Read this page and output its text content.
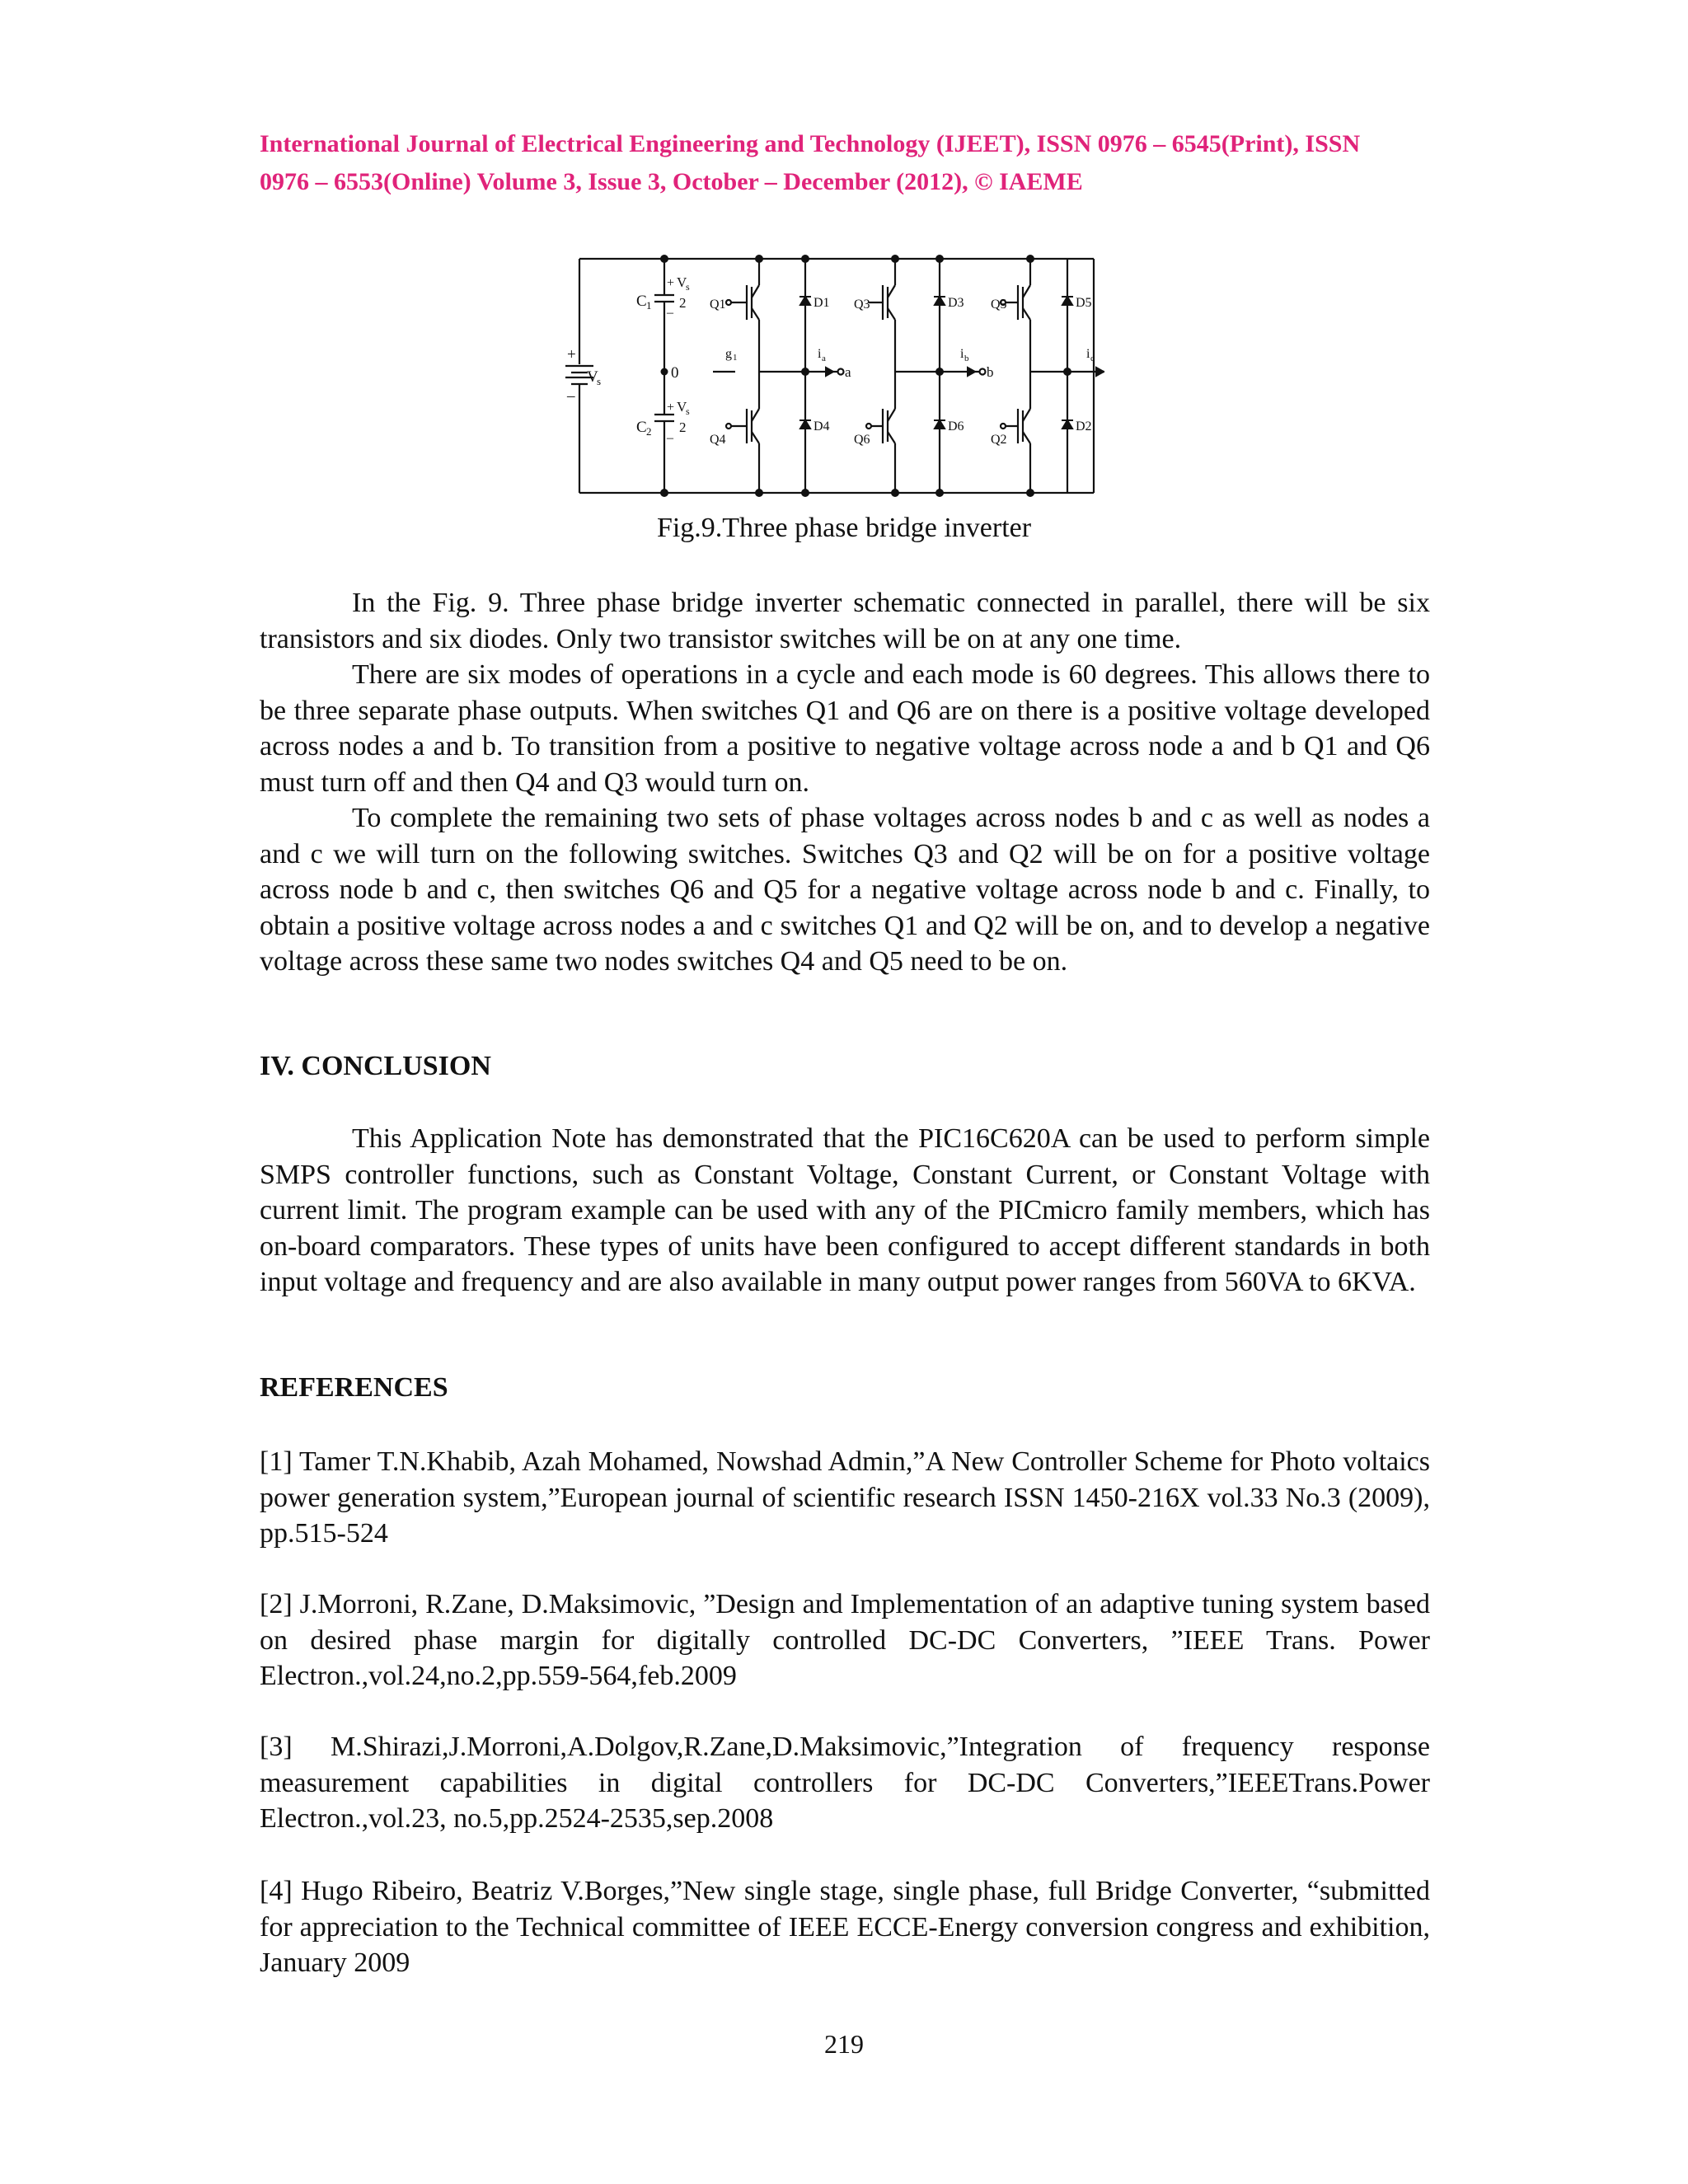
International Journal of Electrical Engineering and Technology (IJEET), ISSN 0976 – 6545(Print), ISSN
0976 – 6553(Online) Volume 3, Issue 3, October – December (2012), © IAEME
+
–
V
s
C 1
C 2
+ V
s
2
–
+ V
s
2
–
0
g 1
Q1	Q3	Q5
Q4	Q6	Q2
D1	D3	D5
D4	D6	D2
i a	i b	i c
a	b
Fig.9.Three phase bridge inverter

In the Fig. 9. Three phase bridge inverter schematic connected in parallel, there will be six transistors and six diodes. Only two transistor switches will be on at any one time.

There are six modes of operations in a cycle and each mode is 60 degrees. This allows there to be three separate phase outputs. When switches Q1 and Q6 are on there is a positive voltage developed across nodes a and b. To transition from a positive to negative voltage across node a and b Q1 and Q6 must turn off and then Q4 and Q3 would turn on.

To complete the remaining two sets of phase voltages across nodes b and c as well as nodes a and c we will turn on the following switches. Switches Q3 and Q2 will be on for a positive voltage across node b and c, then switches Q6 and Q5 for a negative voltage across node b and c. Finally, to obtain a positive voltage across nodes a and c switches Q1 and Q2 will be on, and to develop a negative voltage across these same two nodes switches Q4 and Q5 need to be on.

IV. CONCLUSION

This Application Note has demonstrated that the PIC16C620A can be used to perform simple SMPS controller functions, such as Constant Voltage, Constant Current, or Constant Voltage with current limit. The program example can be used with any of the PICmicro family members, which has on-board comparators. These types of units have been configured to accept different standards in both input voltage and frequency and are also available in many output power ranges from 560VA to 6KVA.

REFERENCES
[1] Tamer T.N.Khabib, Azah Mohamed, Nowshad Admin,”A New Controller Scheme for Photo voltaics power generation system,”European journal of scientific research ISSN 1450-216X vol.33 No.3 (2009), pp.515-524
[2] J.Morroni, R.Zane, D.Maksimovic, ”Design and Implementation of an adaptive tuning system based on desired phase margin for digitally controlled DC-DC Converters, ”IEEE Trans. Power Electron.,vol.24,no.2,pp.559-564,feb.2009
[3] M.Shirazi,J.Morroni,A.Dolgov,R.Zane,D.Maksimovic,”Integration of frequency response measurement capabilities in digital controllers for DC-DC Converters,”IEEETrans.Power Electron.,vol.23, no.5,pp.2524-2535,sep.2008
[4] Hugo Ribeiro, Beatriz V.Borges,”New single stage, single phase, full Bridge Converter, “submitted for appreciation to the Technical committee of IEEE ECCE-Energy conversion congress and exhibition, January 2009
219
